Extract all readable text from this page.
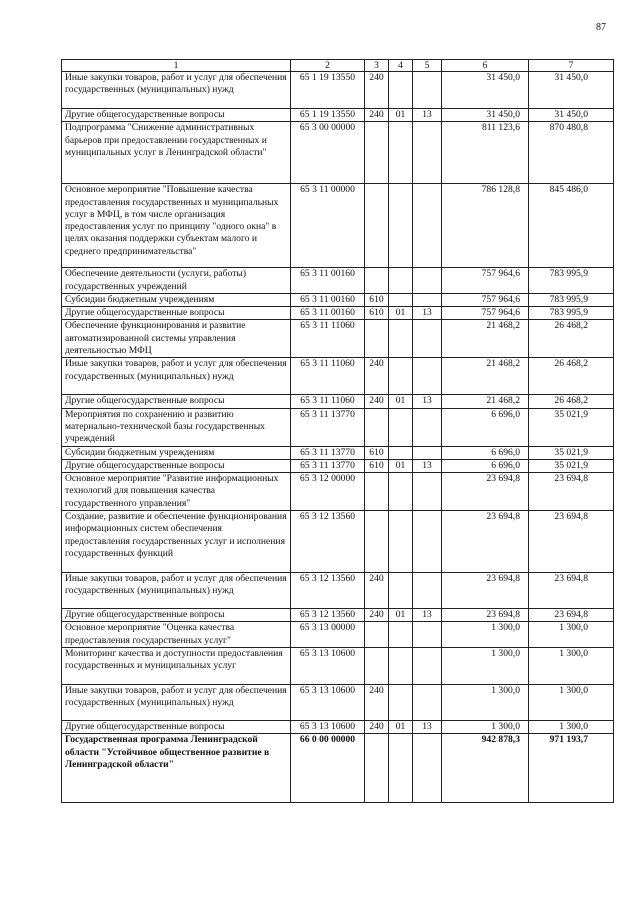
87
1	2	3	4	5	6	7
Иные закупки товаров, работ и услуг для обеспечения государственных (муниципальных) нужд	65 1 19 13550	240			31 450,0	31 450,0
Другие общегосударственные вопросы	65 1 19 13550	240	01	13	31 450,0	31 450,0
Подпрограмма "Снижение административных барьеров при предоставлении государственных и муниципальных услуг в Ленинградской области"	65 3 00 00000				811 123,6	870 480,8
Основное мероприятие "Повышение качества предоставления государственных и муниципальных услуг в МФЦ, в том числе организация предоставления услуг по принципу "одного окна" в целях оказания поддержки субъектам малого и среднего предпринимательства"	65 3 11 00000				786 128,8	845 486,0
Обеспечение деятельности (услуги, работы) государственных учреждений	65 3 11 00160				757 964,6	783 995,9
Субсидии бюджетным учреждениям	65 3 11 00160	610			757 964,6	783 995,9
Другие общегосударственные вопросы	65 3 11 00160	610	01	13	757 964,6	783 995,9
Обеспечение функционирования и развитие автоматизированной системы управления деятельностью МФЦ	65 3 11 11060				21 468,2	26 468,2
Иные закупки товаров, работ и услуг для обеспечения государственных (муниципальных) нужд	65 3 11 11060	240			21 468,2	26 468,2
Другие общегосударственные вопросы	65 3 11 11060	240	01	13	21 468,2	26 468,2
Мероприятия по сохранению и развитию материально-технической базы государственных учреждений	65 3 11 13770				6 696,0	35 021,9
Субсидии бюджетным учреждениям	65 3 11 13770	610			6 696,0	35 021,9
Другие общегосударственные вопросы	65 3 11 13770	610	01	13	6 696,0	35 021,9
Основное мероприятие "Развитие информационных технологий для повышения качества государственного управления"	65 3 12 00000				23 694,8	23 694,8
Создание, развитие и обеспечение функционирования информационных систем обеспечения предоставления государственных услуг и исполнения государственных функций	65 3 12 13560				23 694,8	23 694,8
Иные закупки товаров, работ и услуг для обеспечения государственных (муниципальных) нужд	65 3 12 13560	240			23 694,8	23 694,8
Другие общегосударственные вопросы	65 3 12 13560	240	01	13	23 694,8	23 694,8
Основное мероприятие "Оценка качества предоставления государственных услуг"	65 3 13 00000				1 300,0	1 300,0
Мониторинг качества и доступности предоставления государственных и муниципальных услуг	65 3 13 10600				1 300,0	1 300,0
Иные закупки товаров, работ и услуг для обеспечения государственных (муниципальных) нужд	65 3 13 10600	240			1 300,0	1 300,0
Другие общегосударственные вопросы	65 3 13 10600	240	01	13	1 300,0	1 300,0
Государственная программа Ленинградской области "Устойчивое общественное развитие в Ленинградской области"	66 0 00 00000				942 878,3	971 193,7
